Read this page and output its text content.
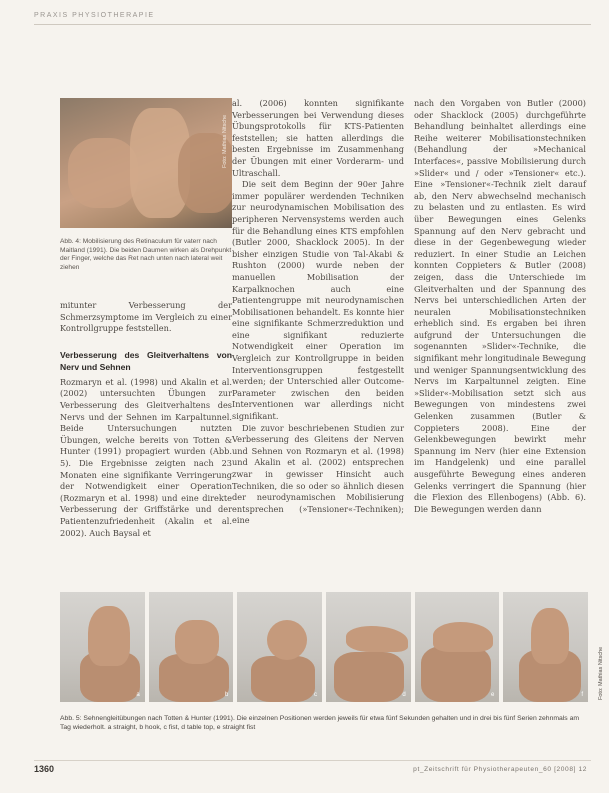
PRAXIS PHYSIOTHERAPIE
Foto: Mathias Nitsche
Abb. 4: Mobilisierung des Retinaculum für vaterr nach Maitland (1991). Die beiden Daumen wirken als Drehpunkt der Finger, welche das Ret nach unten nach lateral weit ziehen

mitunter Verbesserung der Schmerzsymptome im Vergleich zu einer Kontrollgruppe feststellen.

Verbesserung des Gleitverhaltens von Nerv und Sehnen

Rozmaryn et al. (1998) und Akalin et al. (2002) untersuchten Übungen zur Verbesserung des Gleitverhaltens des Nervs und der Sehnen im Karpaltunnel. Beide Untersuchungen nutzten Übungen, welche bereits von Totten & Hunter (1991) propagiert wurden (Abb. 5). Die Ergebnisse zeigten nach 23 Monaten eine signifikante Verringerung der Notwendigkeit einer Operation (Rozmaryn et al. 1998) und eine direkte Verbesserung der Griffstärke und der Patientenzufriedenheit (Akalin et al. 2002). Auch Baysal et

al. (2006) konnten signifikante Verbesserungen bei Verwendung dieses Übungsprotokolls für KTS-Patienten feststellen; sie hatten allerdings die besten Ergebnisse im Zusammenhang der Übungen mit einer Vorderarm- und Ultraschall.

Die seit dem Beginn der 90er Jahre immer populärer werdenden Techniken zur neurodynamischen Mobilisation des peripheren Nervensystems werden auch für die Behandlung eines KTS empfohlen (Butler 2000, Shacklock 2005). In der bisher einzigen Studie von Tal-Akabi & Rushton (2000) wurde neben der manuellen Mobilisation der Karpalknochen auch eine Patientengruppe mit neurodynamischen Mobilisationen behandelt. Es konnte hier eine signifikante Schmerzreduktion und eine signifikant reduzierte Notwendigkeit einer Operation im Vergleich zur Kontrollgruppe in beiden Interventionsgruppen festgestellt werden; der Unterschied aller Outcome-Parameter zwischen den beiden Interventionen war allerdings nicht signifikant.

Die zuvor beschriebenen Studien zur Verbesserung des Gleitens der Nerven und Sehnen von Rozmaryn et al. (1998) und Akalin et al. (2002) entsprechen zwar in gewisser Hinsicht auch Techniken, die so oder so ähnlich diesen der neurodynamischen Mobilisierung entsprechen (»Tensioner«-Techniken); eine

nach den Vorgaben von Butler (2000) oder Shacklock (2005) durchgeführte Behandlung beinhaltet allerdings eine Reihe weiterer Mobilisationstechniken (Behandlung der »Mechanical Interfaces«, passive Mobilisierung durch »Slider« und / oder »Tensioner« etc.). Eine »Tensioner«-Technik zielt darauf ab, den Nerv abwechselnd mechanisch zu belasten und zu entlasten. Es wird über Bewegungen eines Gelenks Spannung auf den Nerv gebracht und diese in der Gegenbewegung wieder reduziert. In einer Studie an Leichen konnten Coppieters & Butler (2008) zeigen, dass die Unterschiede im Gleitverhalten und der Spannung des Nervs bei unterschiedlichen Arten der neuralen Mobilisationstechniken erheblich sind. Es ergaben bei ihren aufgrund der Untersuchungen die sogenannten »Slider«-Technike, die signifikant mehr longitudinale Bewegung und weniger Spannungsentwicklung des Nervs im Karpaltunnel zeigten. Eine »Slider«-Mobilisation setzt sich aus Bewegungen von mindestens zwei Gelenken zusammen (Butler & Coppieters 2008). Eine der Gelenkbewegungen bewirkt mehr Spannung im Nerv (hier eine Extension im Handgelenk) und eine parallel ausgeführte Bewegung eines anderen Gelenks verringert die Spannung (hier die Flexion des Ellenbogens) (Abb. 6). Die Bewegungen werden dann

a	b	c	d	e	f	Foto: Mathias Nitsche
Abb. 5: Sehnengleitübungen nach Totten & Hunter (1991). Die einzelnen Positionen werden jeweils für etwa fünf Sekunden gehalten und in drei bis fünf Serien zehnmals am Tag wiederholt. a straight, b hook, c fist, d table top, e straight fist
1360	pt_Zeitschrift für Physiotherapeuten_60 [2008] 12
